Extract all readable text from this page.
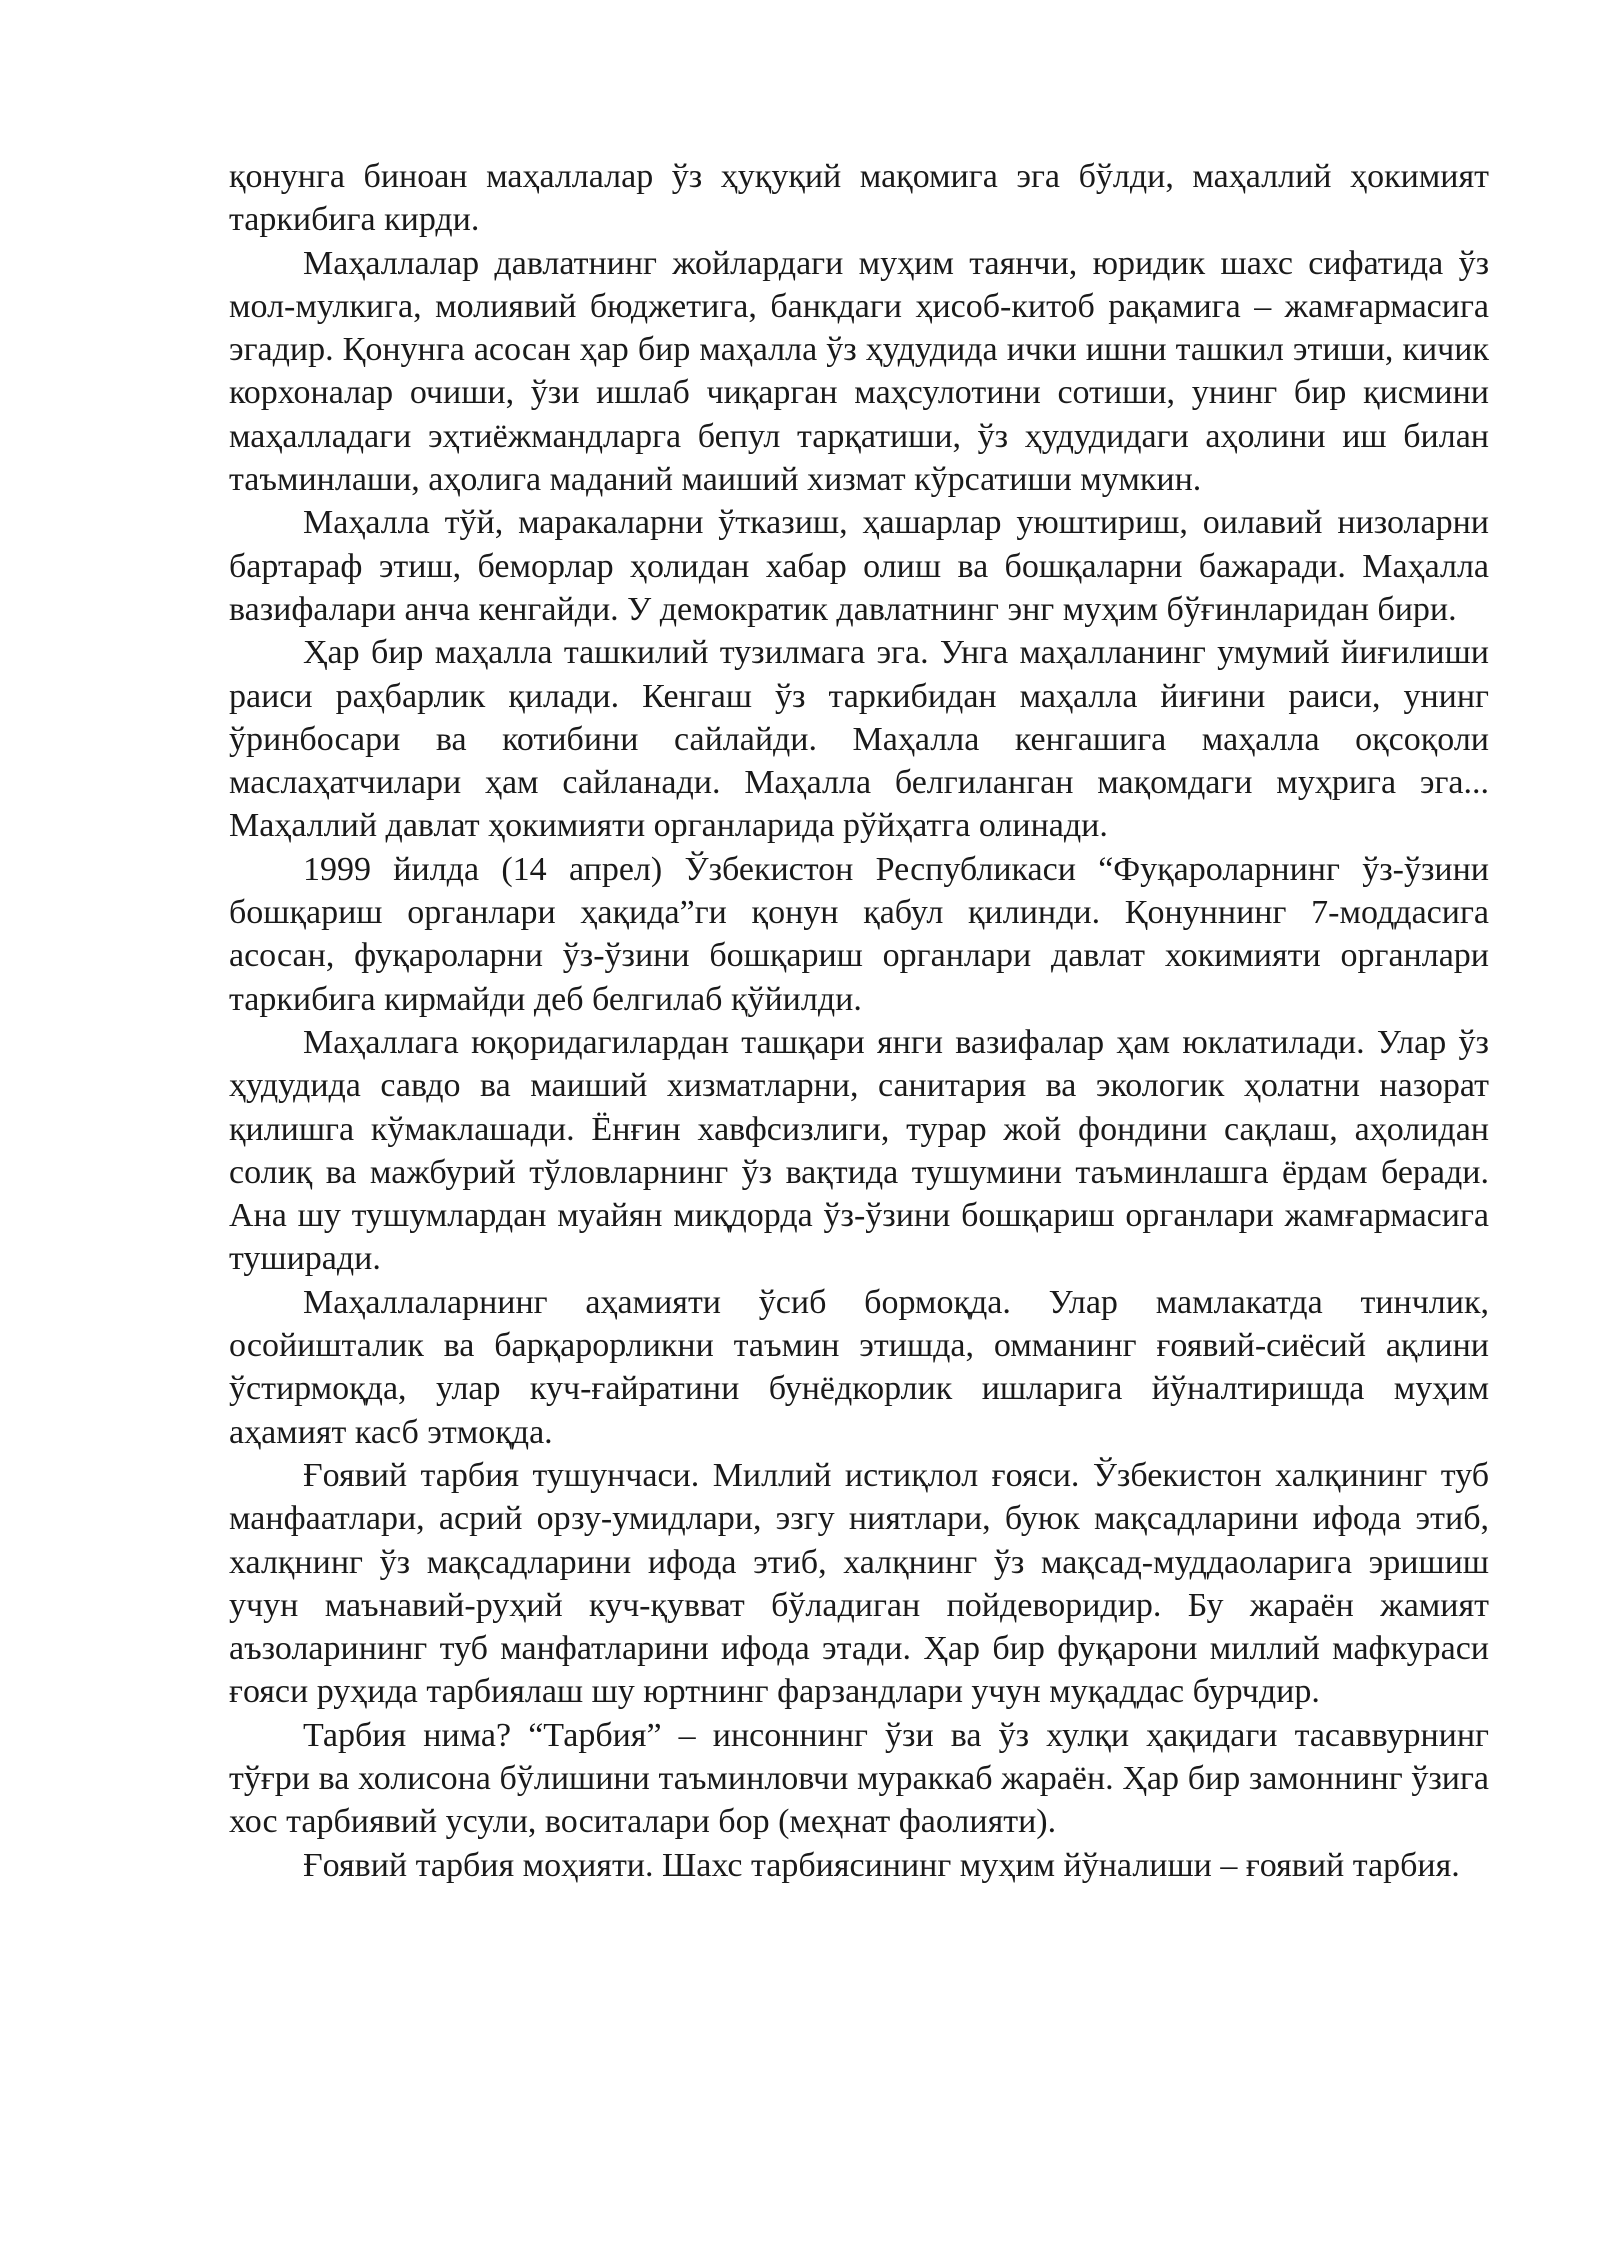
қонунга биноан маҳаллалар ўз ҳуқуқий мақомига эга бўлди, маҳаллий ҳокимият таркибига кирди.

Маҳаллалар давлатнинг жойлардаги муҳим таянчи, юридик шахс сифатида ўз мол-мулкига, молиявий бюджетига, банкдаги ҳисоб-китоб рақамига – жамғармасига эгадир. Қонунга асосан ҳар бир маҳалла ўз ҳудудида ички ишни ташкил этиши, кичик корхоналар очиши, ўзи ишлаб чиқарган маҳсулотини сотиши, унинг бир қисмини маҳалладаги эҳтиёжмандларга бепул тарқатиши, ўз ҳудудидаги аҳолини иш билан таъминлаши, аҳолига маданий маиший хизмат кўрсатиши мумкин.

Маҳалла тўй, маракаларни ўтказиш, ҳашарлар уюштириш, оилавий низоларни бартараф этиш, беморлар ҳолидан хабар олиш ва бошқаларни бажаради. Маҳалла вазифалари анча кенгайди. У демократик давлатнинг энг муҳим бўғинларидан бири.

Ҳар бир маҳалла ташкилий тузилмага эга. Унга маҳалланинг умумий йиғилиши раиси раҳбарлик қилади. Кенгаш ўз таркибидан маҳалла йиғини раиси, унинг ўринбосари ва котибини сайлайди. Маҳалла кенгашига маҳалла оқсоқоли маслаҳатчилари ҳам сайланади. Маҳалла белгиланган мақомдаги муҳрига эга... Маҳаллий давлат ҳокимияти органларида рўйҳатга олинади.

1999 йилда (14 апрел) Ўзбекистон Республикаси “Фуқароларнинг ўз-ўзини бошқариш органлари ҳақида”ги қонун қабул қилинди. Қонуннинг 7-моддасига асосан, фуқароларни ўз-ўзини бошқариш органлари давлат хокимияти органлари таркибига кирмайди деб белгилаб қўйилди.

Маҳаллага юқоридагилардан ташқари янги вазифалар ҳам юклатилади. Улар ўз ҳудудида савдо ва маиший хизматларни, санитария ва экологик ҳолатни назорат қилишга кўмаклашади. Ёнғин хавфсизлиги, турар жой фондини сақлаш, аҳолидан солиқ ва мажбурий тўловларнинг ўз вақтида тушумини таъминлашга ёрдам беради. Ана шу тушумлардан муайян миқдорда ўз-ўзини бошқариш органлари жамғармасига туширади.

Маҳаллаларнинг аҳамияти ўсиб бормоқда. Улар мамлакатда тинчлик, осойишталик ва барқарорликни таъмин этишда, омманинг ғоявий-сиёсий ақлини ўстирмоқда, улар куч-ғайратини бунёдкорлик ишларига йўналтиришда муҳим аҳамият касб этмоқда.

Ғоявий тарбия тушунчаси. Миллий истиқлол ғояси. Ўзбекистон халқининг туб манфаатлари, асрий орзу-умидлари, эзгу ниятлари, буюк мақсадларини ифода этиб, халқнинг ўз мақсадларини ифода этиб, халқнинг ўз мақсад-муддаоларига эришиш учун маънавий-руҳий куч-қувват бўладиган пойдеворидир. Бу жараён жамият аъзоларининг туб манфатларини ифода этади. Ҳар бир фуқарони миллий мафкураси ғояси руҳида тарбиялаш шу юртнинг фарзандлари учун муқаддас бурчдир.

Тарбия нима? “Тарбия” – инсоннинг ўзи ва ўз хулқи ҳақидаги тасаввурнинг тўғри ва холисона бўлишини таъминловчи мураккаб жараён. Ҳар бир замоннинг ўзига хос тарбиявий усули, воситалари бор (меҳнат фаолияти).

Ғоявий тарбия моҳияти. Шахс тарбиясининг муҳим йўналиши – ғоявий тарбия.
